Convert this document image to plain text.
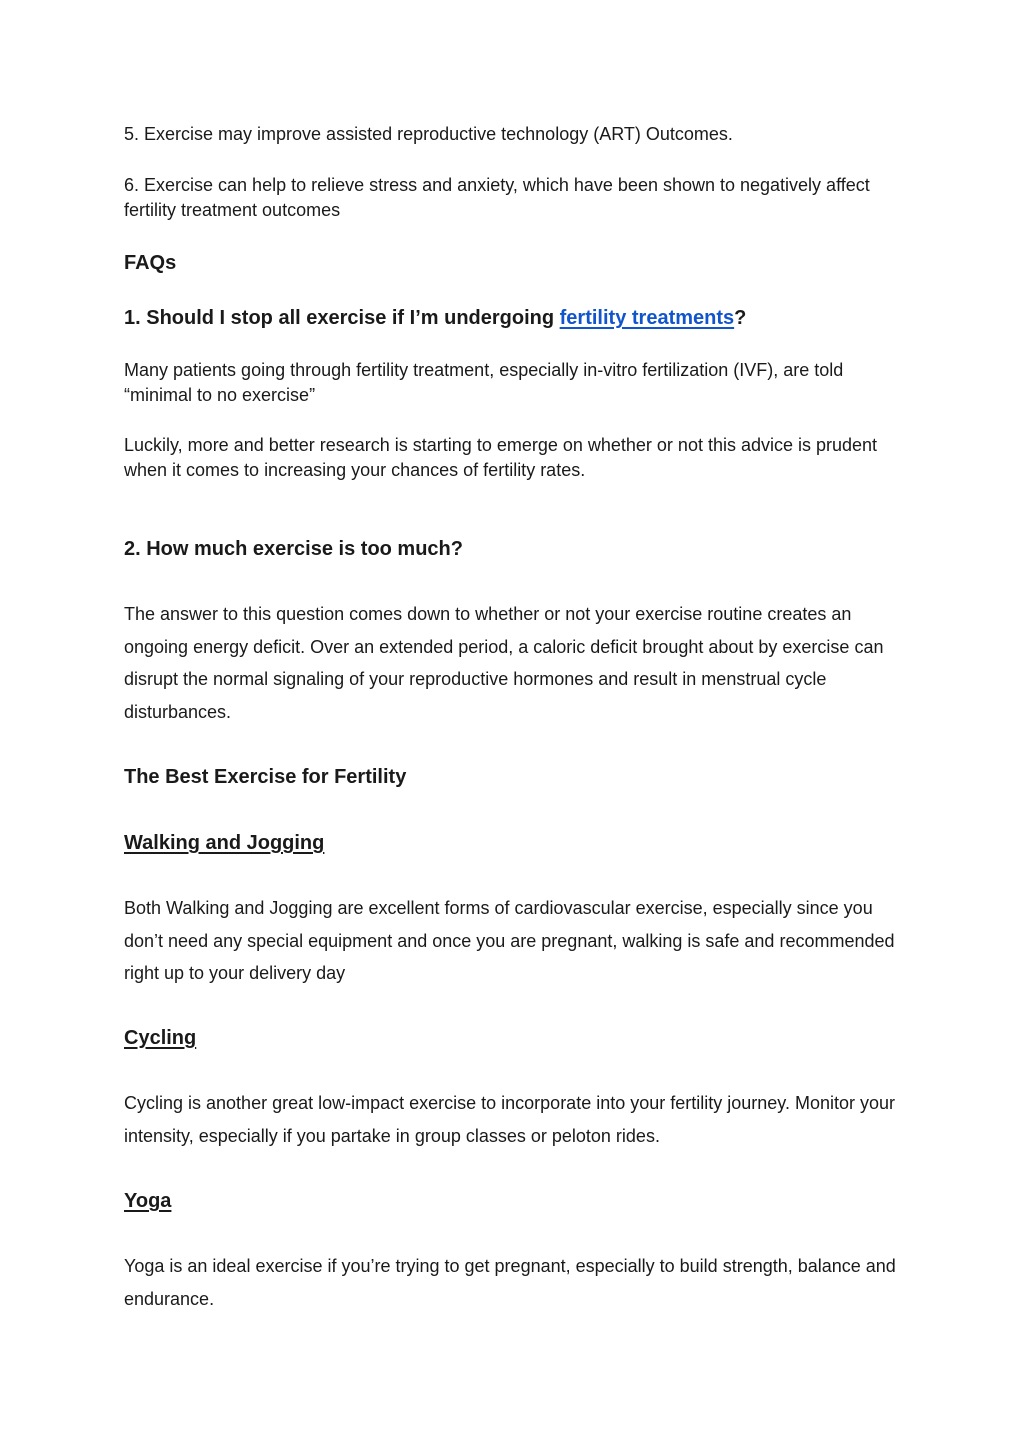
5. Exercise may improve assisted reproductive technology (ART) Outcomes.

6. Exercise can help to relieve stress and anxiety, which have been shown to negatively affect fertility treatment outcomes

FAQs
1. Should I stop all exercise if I’m undergoing fertility treatments?

Many patients going through fertility treatment, especially in-vitro fertilization (IVF), are told “minimal to no exercise”

Luckily, more and better research is starting to emerge on whether or not this advice is prudent when it comes to increasing your chances of fertility rates.

2. How much exercise is too much?

The answer to this question comes down to whether or not your exercise routine creates an ongoing energy deficit. Over an extended period, a caloric deficit brought about by exercise can disrupt the normal signaling of your reproductive hormones and result in menstrual cycle disturbances.

The Best Exercise for Fertility
Walking and Jogging

Both Walking and Jogging are excellent forms of cardiovascular exercise, especially since you don’t need any special equipment and once you are pregnant, walking is safe and recommended right up to your delivery day

Cycling

Cycling is another great low-impact exercise to incorporate into your fertility journey. Monitor your intensity, especially if you partake in group classes or peloton rides.

Yoga

Yoga is an ideal exercise if you’re trying to get pregnant, especially to build strength, balance and endurance.
